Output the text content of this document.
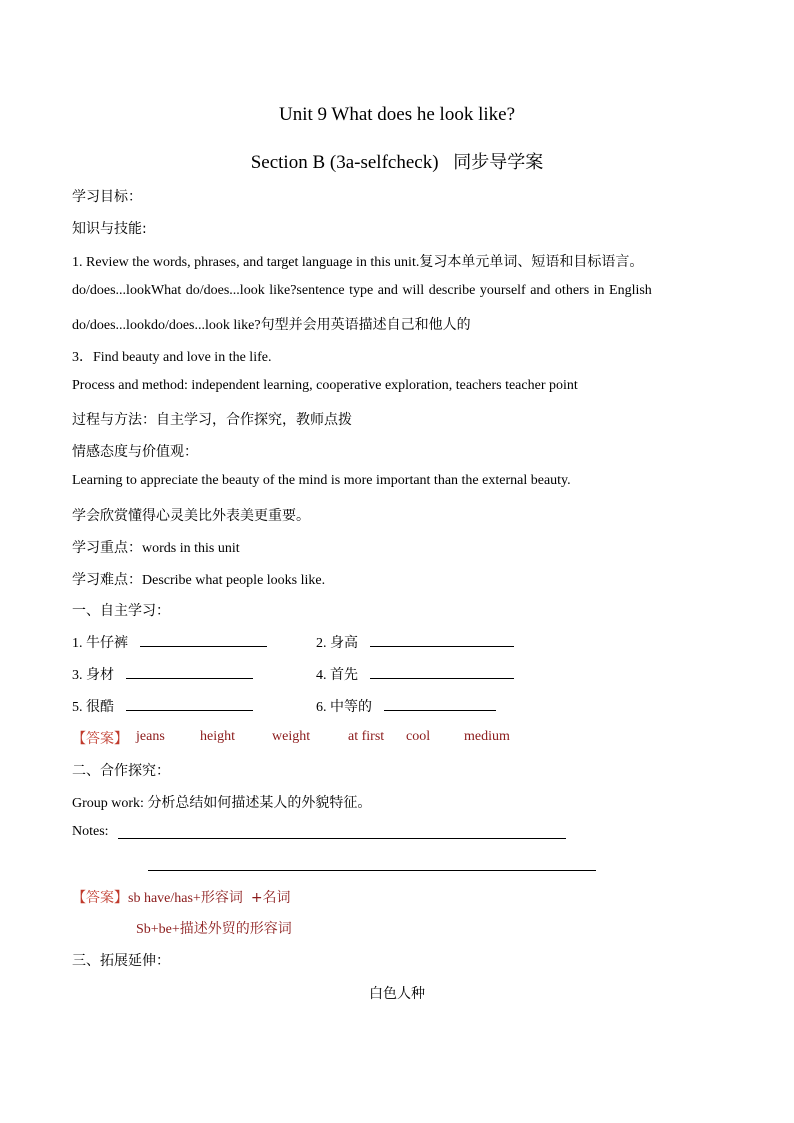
Unit 9 What does he look like?
Section B (3a-selfcheck) 同步导学案
学习目标：
知识与技能:
1. Review the words, phrases, and target language in this unit.复习本单元单词、短语和目标语言。
do/does...lookWhat do/does...look like?sentence type and will describe yourself and others in English
do/does...lookdo/does...look like?句型并会用英语描述自己和他人的
3．Find beauty and love in the life.
Process and method: independent learning, cooperative exploration, teachers teacher point
过程与方法：自主学习，合作探究，教师点拨
情感态度与价值观：
Learning to appreciate the beauty of the mind is more important than the external beauty.
学会欣赏懂得心灵美比外表美更重要。
学习重点：words in this unit
学习难点：Describe what people looks like.
一、自主学习：
1. 牛仔裤	2. 身高
3. 身材	4. 首先
5. 很酷	6. 中等的
【答案】 jeans	height	weight	at first cool medium
二、合作探究：
Group work: 分析总结如何描述某人的外貌特征。
Notes:
【答案】sb have/has+形容词 +名词
Sb+be+描述外贸的形容词
三、拓展延伸：
白色人种
